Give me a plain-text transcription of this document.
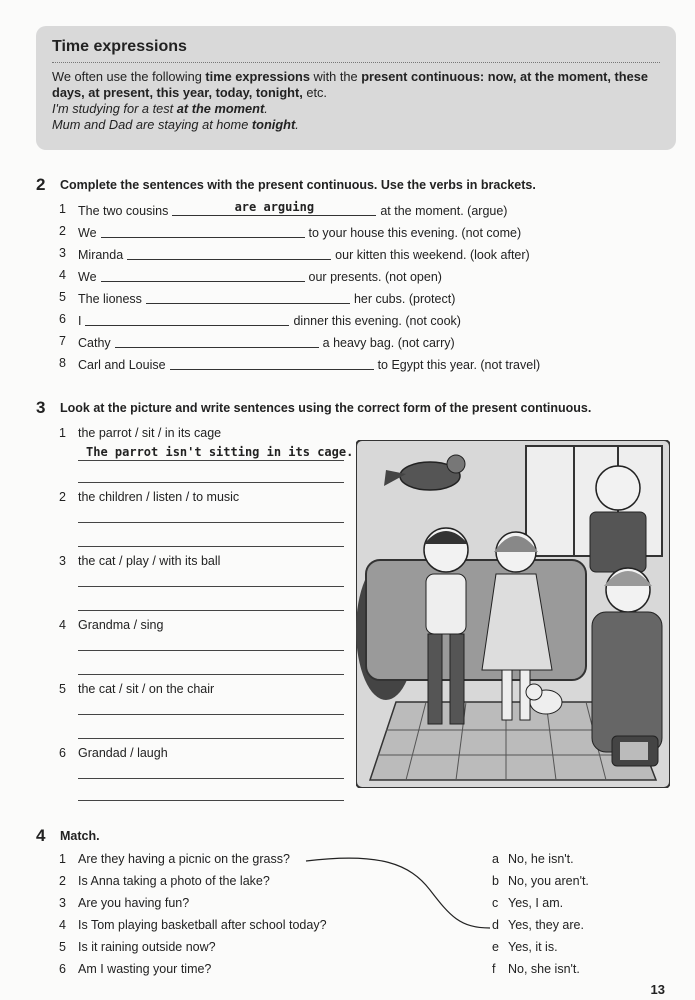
Time expressions

We often use the following time expressions with the present continuous: now, at the moment, these days, at present, this year, today, tonight, etc.

I'm studying for a test at the moment.

Mum and Dad are staying at home tonight.

2 Complete the sentences with the present continuous. Use the verbs in brackets.
1 The two cousins	are arguing	at the moment. (argue)
2 We	to your house this evening. (not come)
3 Miranda	our kitten this weekend. (look after)
4 We	our presents. (not open)
5 The lioness	her cubs. (protect)
6 I	dinner this evening. (not cook)
7 Cathy	a heavy bag. (not carry)
8 Carl and Louise	to Egypt this year. (not travel)
3 Look at the picture and write sentences using the correct form of the present continuous.
1 the parrot / sit / in its cage
The parrot isn't sitting in its cage.
2 the children / listen / to music
3 the cat / play / with its ball
4 Grandma / sing
5 the cat / sit / on the chair
6 Grandad / laugh
4 Match.
1 Are they having a picnic on the grass?
2 Is Anna taking a photo of the lake?
3 Are you having fun?
4 Is Tom playing basketball after school today?
5 Is it raining outside now?
6 Am I wasting your time?
a No, he isn't.
b No, you aren't.
c Yes, I am.
d Yes, they are.
e Yes, it is.
f No, she isn't.
13
